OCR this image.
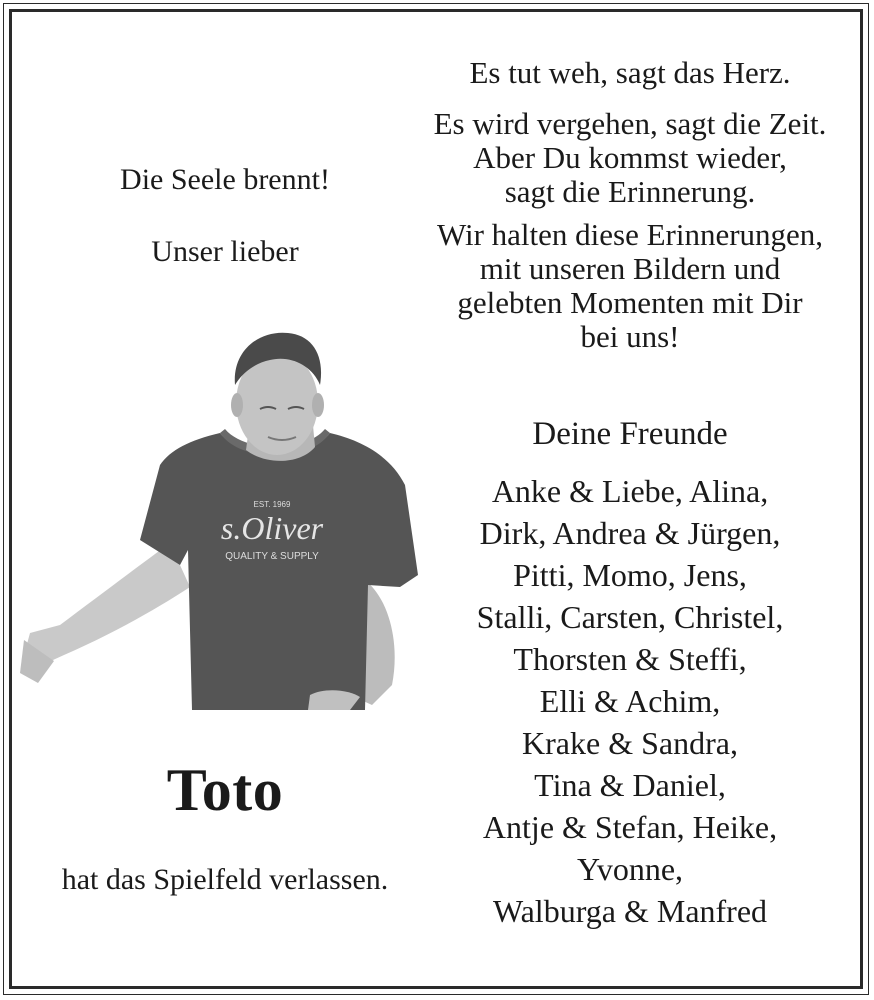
Die Seele brennt!
Unser lieber
EST. 1969
s.Oliver
QUALITY & SUPPLY
Toto
hat das Spielfeld verlassen.
Es tut weh, sagt das Herz.
Es wird vergehen, sagt die Zeit.
Aber Du kommst wieder,
sagt die Erinnerung.
Wir halten diese Erinnerungen,
mit unseren Bildern und
gelebten Momenten mit Dir
bei uns!
Deine Freunde
Anke & Liebe, Alina,
Dirk, Andrea & Jürgen,
Pitti, Momo, Jens,
Stalli, Carsten, Christel,
Thorsten & Steffi,
Elli & Achim,
Krake & Sandra,
Tina & Daniel,
Antje & Stefan, Heike,
Yvonne,
Walburga & Manfred
